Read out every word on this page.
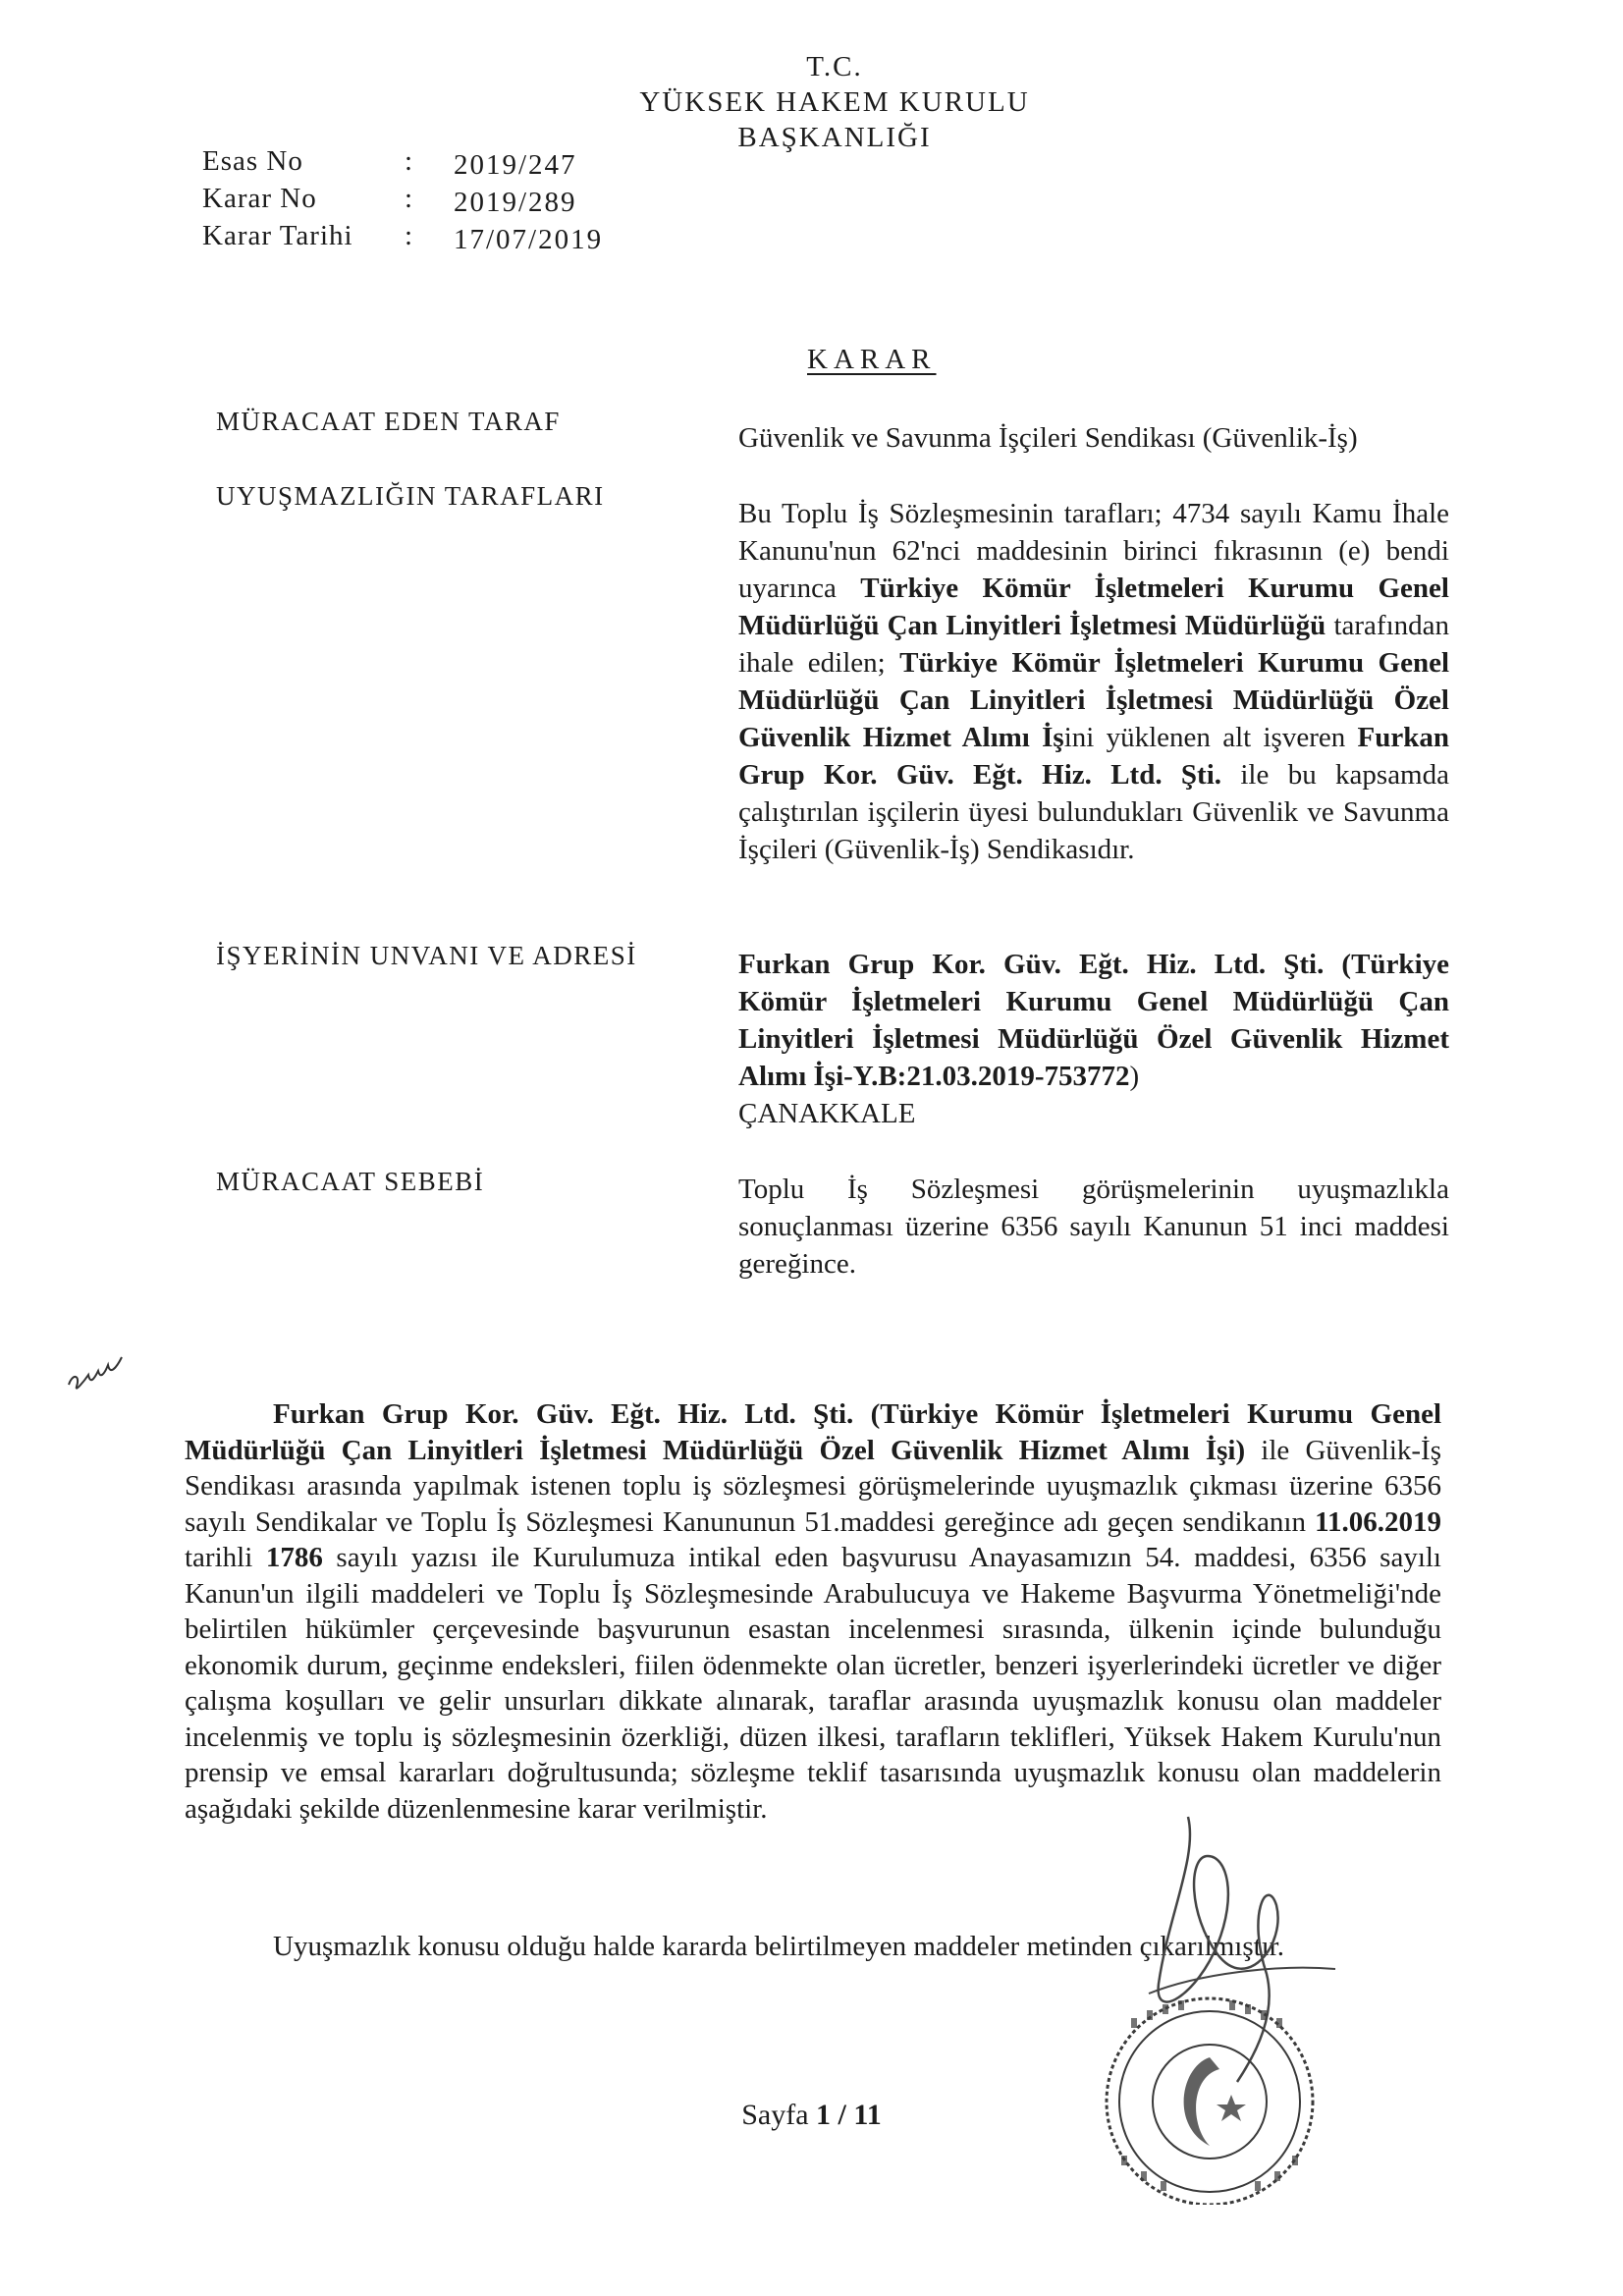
T.C.
YÜKSEK HAKEM KURULU
BAŞKANLIĞI
Esas No	: 2019/247
Karar No	: 2019/289
Karar Tarihi : 17/07/2019
KARAR
MÜRACAAT EDEN TARAF
UYUŞMAZLIĞIN TARAFLARI
İŞYERİNİN UNVANI VE ADRESİ
MÜRACAAT SEBEBİ
Güvenlik ve Savunma İşçileri Sendikası (Güvenlik-İş)
Bu Toplu İş Sözleşmesinin tarafları; 4734 sayılı Kamu İhale Kanunu'nun 62'nci maddesinin birinci fıkrasının (e) bendi uyarınca Türkiye Kömür İşletmeleri Kurumu Genel Müdürlüğü Çan Linyitleri İşletmesi Müdürlüğü tarafından ihale edilen; Türkiye Kömür İşletmeleri Kurumu Genel Müdürlüğü Çan Linyitleri İşletmesi Müdürlüğü Özel Güvenlik Hizmet Alımı İşini yüklenen alt işveren Furkan Grup Kor. Güv. Eğt. Hiz. Ltd. Şti. ile bu kapsamda çalıştırılan işçilerin üyesi bulundukları Güvenlik ve Savunma İşçileri (Güvenlik-İş) Sendikasıdır.
Furkan Grup Kor. Güv. Eğt. Hiz. Ltd. Şti. (Türkiye Kömür İşletmeleri Kurumu Genel Müdürlüğü Çan Linyitleri İşletmesi Müdürlüğü Özel Güvenlik Hizmet Alımı İşi-Y.B:21.03.2019-753772)
ÇANAKKALE
Toplu İş Sözleşmesi görüşmelerinin uyuşmazlıkla sonuçlanması üzerine 6356 sayılı Kanunun 51 inci maddesi gereğince.
Furkan Grup Kor. Güv. Eğt. Hiz. Ltd. Şti. (Türkiye Kömür İşletmeleri Kurumu Genel Müdürlüğü Çan Linyitleri İşletmesi Müdürlüğü Özel Güvenlik Hizmet Alımı İşi) ile Güvenlik-İş Sendikası arasında yapılmak istenen toplu iş sözleşmesi görüşmelerinde uyuşmazlık çıkması üzerine 6356 sayılı Sendikalar ve Toplu İş Sözleşmesi Kanununun 51.maddesi gereğince adı geçen sendikanın 11.06.2019 tarihli 1786 sayılı yazısı ile Kurulumuza intikal eden başvurusu Anayasamızın 54. maddesi, 6356 sayılı Kanun'un ilgili maddeleri ve Toplu İş Sözleşmesinde Arabulucuya ve Hakeme Başvurma Yönetmeliği'nde belirtilen hükümler çerçevesinde başvurunun esastan incelenmesi sırasında, ülkenin içinde bulunduğu ekonomik durum, geçinme endeksleri, fiilen ödenmekte olan ücretler, benzeri işyerlerindeki ücretler ve diğer çalışma koşulları ve gelir unsurları dikkate alınarak, taraflar arasında uyuşmazlık konusu olan maddeler incelenmiş ve toplu iş sözleşmesinin özerkliği, düzen ilkesi, tarafların teklifleri, Yüksek Hakem Kurulu'nun prensip ve emsal kararları doğrultusunda; sözleşme teklif tasarısında uyuşmazlık konusu olan maddelerin aşağıdaki şekilde düzenlenmesine karar verilmiştir.
Uyuşmazlık konusu olduğu halde kararda belirtilmeyen maddeler metinden çıkarılmıştır.
Sayfa 1 / 11
